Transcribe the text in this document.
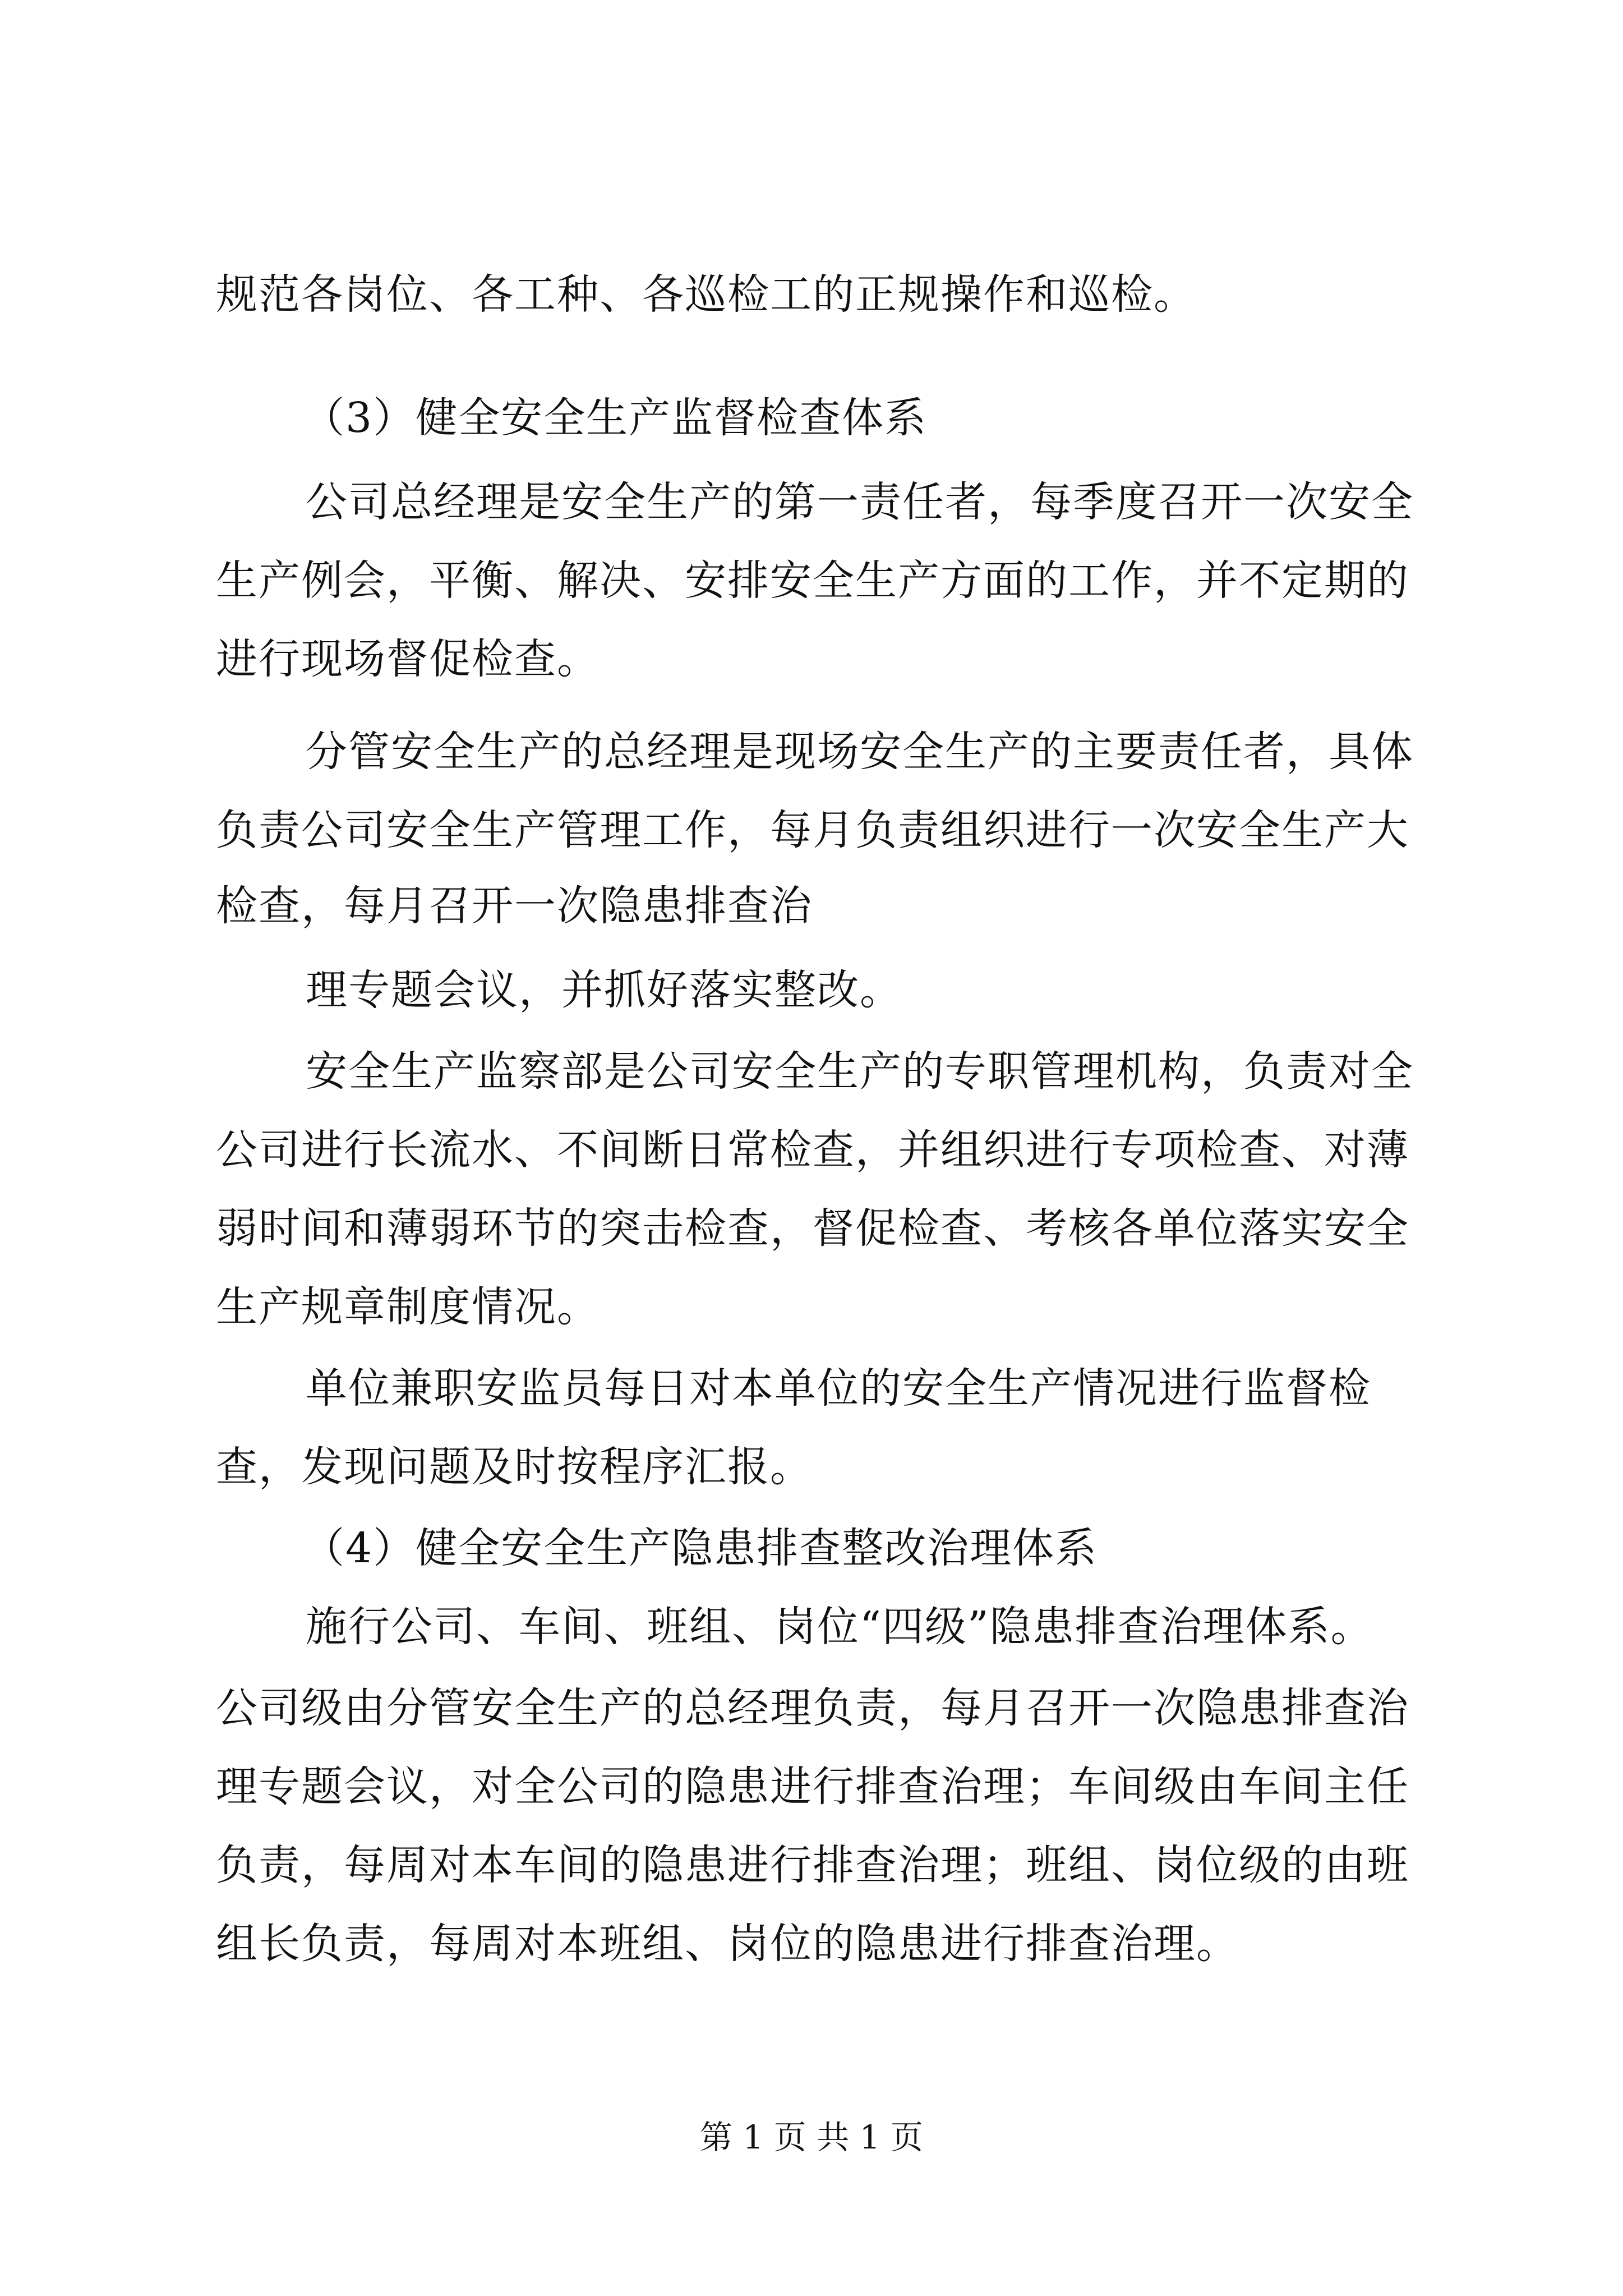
规范各岗位、各工种、各巡检工的正规操作和巡检。
（3）健全安全生产监督检查体系
公司总经理是安全生产的第一责任者，每季度召开一次安全
生产例会，平衡、解决、安排安全生产方面的工作，并不定期的
进行现场督促检查。
分管安全生产的总经理是现场安全生产的主要责任者，具体
负责公司安全生产管理工作，每月负责组织进行一次安全生产大
检查，每月召开一次隐患排查治
理专题会议，并抓好落实整改。
安全生产监察部是公司安全生产的专职管理机构，负责对全
公司进行长流水、不间断日常检查，并组织进行专项检查、对薄
弱时间和薄弱环节的突击检查，督促检查、考核各单位落实安全
生产规章制度情况。
单位兼职安监员每日对本单位的安全生产情况进行监督检
查，发现问题及时按程序汇报。
（4）健全安全生产隐患排查整改治理体系
施行公司、车间、班组、岗位“四级”隐患排查治理体系。
公司级由分管安全生产的总经理负责，每月召开一次隐患排查治
理专题会议，对全公司的隐患进行排查治理；车间级由车间主任
负责，每周对本车间的隐患进行排查治理；班组、岗位级的由班
组长负责，每周对本班组、岗位的隐患进行排查治理。
第 1 页 共 1 页
